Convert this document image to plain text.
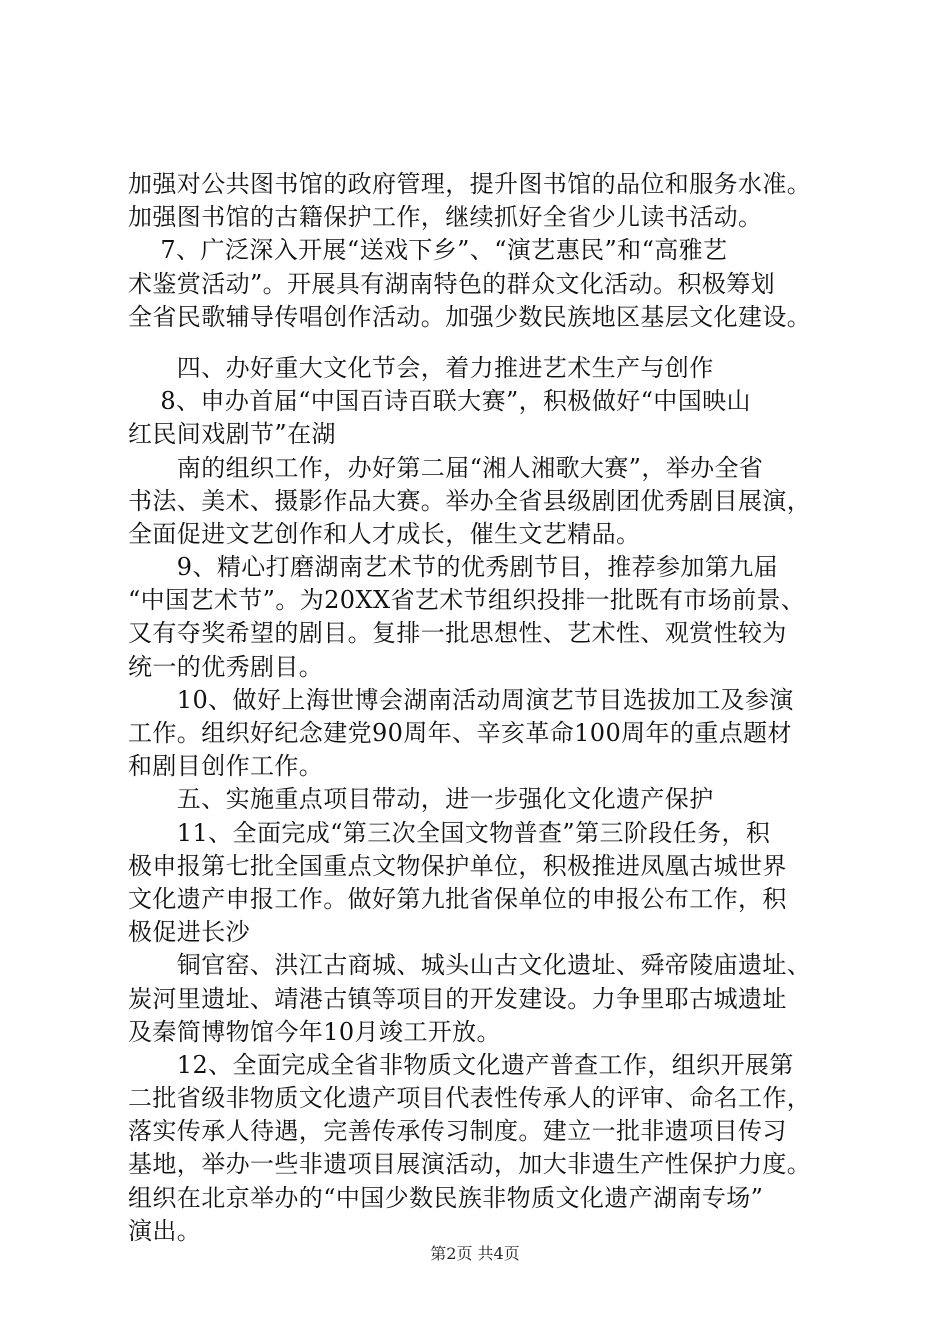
加强对公共图书馆的政府管理，提升图书馆的品位和服务水准。
加强图书馆的古籍保护工作，继续抓好全省少儿读书活动。
　 7、广泛深入开展“送戏下乡”、“演艺惠民”和“高雅艺
术鉴赏活动”。开展具有湖南特色的群众文化活动。积极筹划
全省民歌辅导传唱创作活动。加强少数民族地区基层文化建设。
　　四、办好重大文化节会，着力推进艺术生产与创作
　 8、申办首届“中国百诗百联大赛”，积极做好“中国映山
红民间戏剧节”在湖
　　南的组织工作，办好第二届“湘人湘歌大赛”，举办全省
书法、美术、摄影作品大赛。举办全省县级剧团优秀剧目展演，
全面促进文艺创作和人才成长，催生文艺精品。
　　9、精心打磨湖南艺术节的优秀剧节目，推荐参加第九届
“中国艺术节”。为20XX省艺术节组织投排一批既有市场前景、
又有夺奖希望的剧目。复排一批思想性、艺术性、观赏性较为
统一的优秀剧目。
　　10、做好上海世博会湖南活动周演艺节目选拔加工及参演
工作。组织好纪念建党90周年、辛亥革命100周年的重点题材
和剧目创作工作。
　　五、实施重点项目带动，进一步强化文化遗产保护
　　11、全面完成“第三次全国文物普查”第三阶段任务，积
极申报第七批全国重点文物保护单位，积极推进凤凰古城世界
文化遗产申报工作。做好第九批省保单位的申报公布工作，积
极促进长沙
　　铜官窑、洪江古商城、城头山古文化遗址、舜帝陵庙遗址、
炭河里遗址、靖港古镇等项目的开发建设。力争里耶古城遗址
及秦简博物馆今年10月竣工开放。
　　12、全面完成全省非物质文化遗产普查工作，组织开展第
二批省级非物质文化遗产项目代表性传承人的评审、命名工作，
落实传承人待遇，完善传承传习制度。建立一批非遗项目传习
基地，举办一些非遗项目展演活动，加大非遗生产性保护力度。
组织在北京举办的“中国少数民族非物质文化遗产湖南专场”
演出。
第2页 共4页
